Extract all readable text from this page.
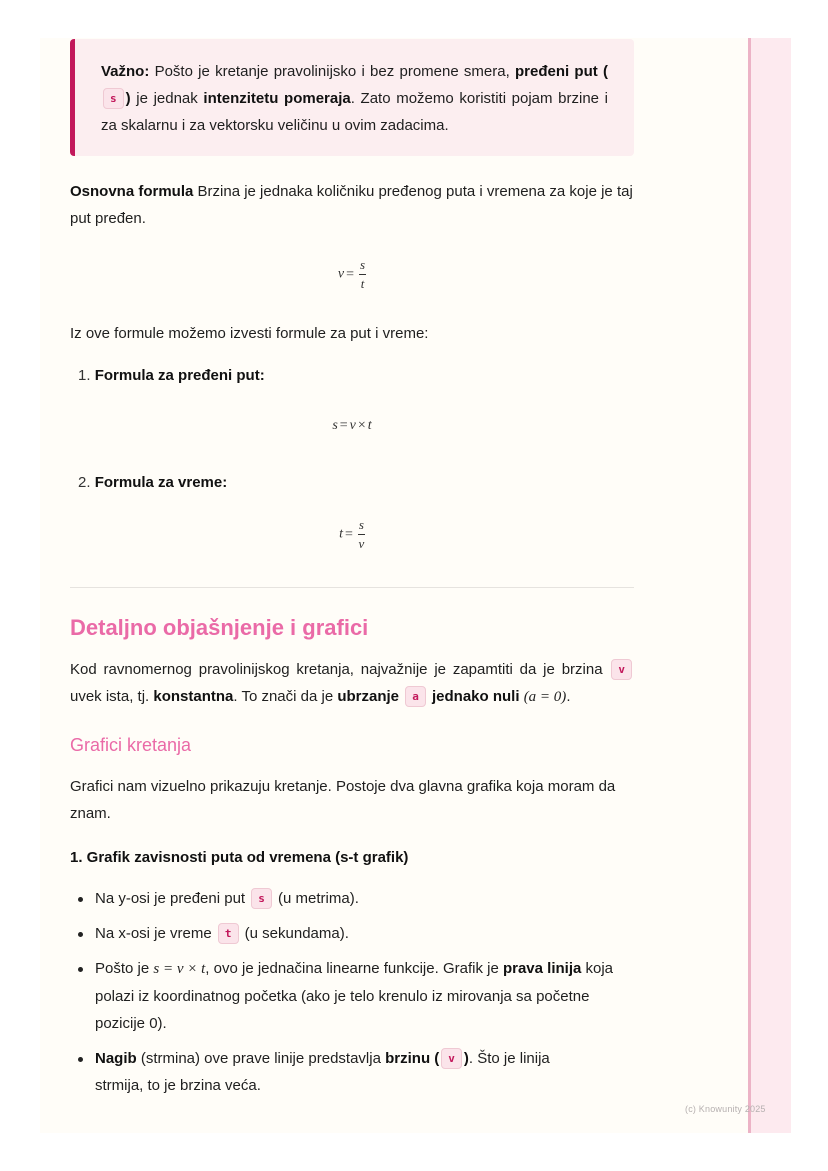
Važno: Pošto je kretanje pravolinijsko i bez promene smera, pređeni put (s ) je jednak intenzitetu pomeraja. Zato možemo koristiti pojam brzine i za skalarnu i za vektorsku veličinu u ovim zadacima.

Osnovna formula Brzina je jednaka količniku pređenog puta i vremena za koje je taj put pređen.

$v = \frac{s}{t}$

Iz ove formule možemo izvesti formule za put i vreme:

1. Formula za pređeni put:
s = v × t
2. Formula za vreme:
$t = \frac{s}{v}$
Detaljno objašnjenje i grafici

Kod ravnomernog pravolinijskog kretanja, najvažnije je zapamtiti da je brzina v uvek ista, tj. konstantna. To znači da je ubrzanje a jednako nuli (a = 0).

Grafici kretanja

Grafici nam vizuelno prikazuju kretanje. Postoje dva glavna grafika koja moram da znam.

1. Grafik zavisnosti puta od vremena (s-t grafik)
Na y-osi je pređeni put s (u metrima).
Na x-osi je vreme t (u sekundama).
Pošto je s = v × t, ovo je jednačina linearne funkcije. Grafik je prava linija koja polazi iz koordinatnog početka (ako je telo krenulo iz mirovanja sa početne pozicije 0).
Nagib (strmina) ove prave linije predstavlja brzinu ( v ). Što je linija strmija, to je brzina veća.
(c) Knowunity 2025
